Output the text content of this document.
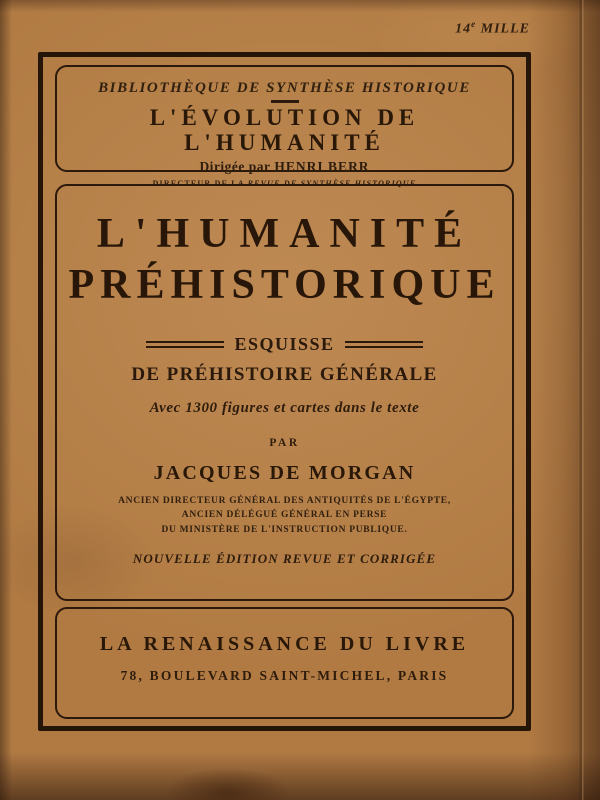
14e MILLE
BIBLIOTHÈQUE DE SYNTHÈSE HISTORIQUE
L'ÉVOLUTION DE L'HUMANITÉ
Dirigée par HENRI BERR
DIRECTEUR DE LA REVUE DE SYNTHÈSE HISTORIQUE
L'HUMANITÉ
PRÉHISTORIQUE
ESQUISSE
DE PRÉHISTOIRE GÉNÉRALE
Avec 1300 figures et cartes dans le texte
PAR
JACQUES DE MORGAN
ANCIEN DIRECTEUR GÉNÉRAL DES ANTIQUITÉS DE L'ÉGYPTE,
ANCIEN DÉLÉGUÉ GÉNÉRAL EN PERSE
DU MINISTÈRE DE L'INSTRUCTION PUBLIQUE.
NOUVELLE ÉDITION REVUE ET CORRIGÉE
LA RENAISSANCE DU LIVRE
78, BOULEVARD SAINT-MICHEL, PARIS
